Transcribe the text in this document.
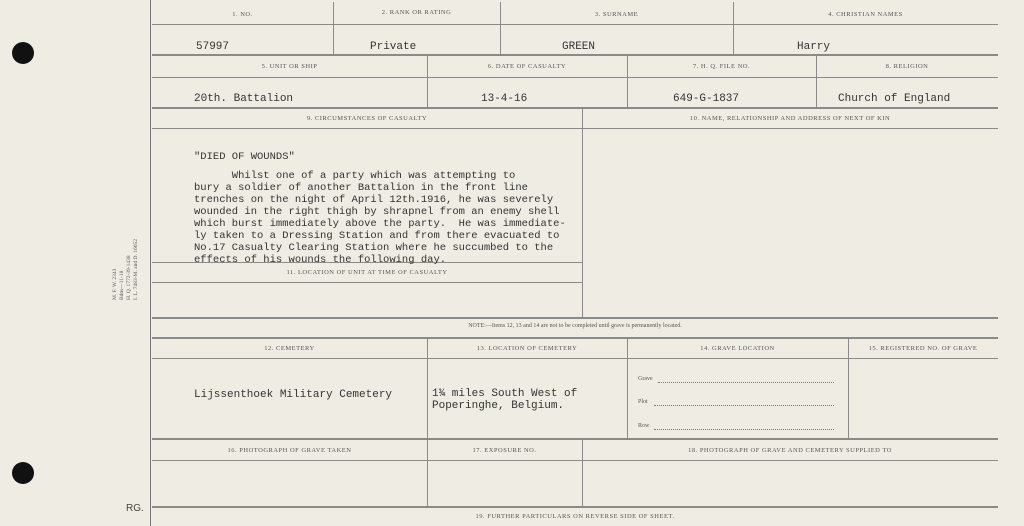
M. F. W. 2343 Bdns—11-18 H. Q. 1772-39-1438 I. L. 7483-M. and D. 16652
RG.
1. NO.	2. RANK OR RATING	3. SURNAME	4. CHRISTIAN NAMES
57997	Private	GREEN	Harry
5. UNIT OR SHIP	6. DATE OF CASUALTY	7. H. Q. FILE NO.	8. RELIGION
20th. Battalion	13-4-16	649-G-1837	Church of England
9. CIRCUMSTANCES OF CASUALTY	10. NAME, RELATIONSHIP AND ADDRESS OF NEXT OF KIN
"DIED OF WOUNDS"
Whilst one of a party which was attempting to
bury a soldier of another Battalion in the front line
trenches on the night of April 12th.1916, he was severely
wounded in the right thigh by shrapnel from an enemy shell
which burst immediately above the party.  He was immediate-
ly taken to a Dressing Station and from there evacuated to
No.17 Casualty Clearing Station where he succumbed to the
effects of his wounds the following day.
11. LOCATION OF UNIT AT TIME OF CASUALTY
NOTE:—Items 12, 13 and 14 are not to be completed until grave is permanently located.
12. CEMETERY	13. LOCATION OF CEMETERY	14. GRAVE LOCATION	15. REGISTERED NO. OF GRAVE
Lijssenthoek Military Cemetery	1¾ miles South West of
Poperinghe, Belgium.
Grave
Plot
Row
16. PHOTOGRAPH OF GRAVE TAKEN	17. EXPOSURE NO.	18. PHOTOGRAPH OF GRAVE AND CEMETERY SUPPLIED TO
19. FURTHER PARTICULARS ON REVERSE SIDE OF SHEET.
